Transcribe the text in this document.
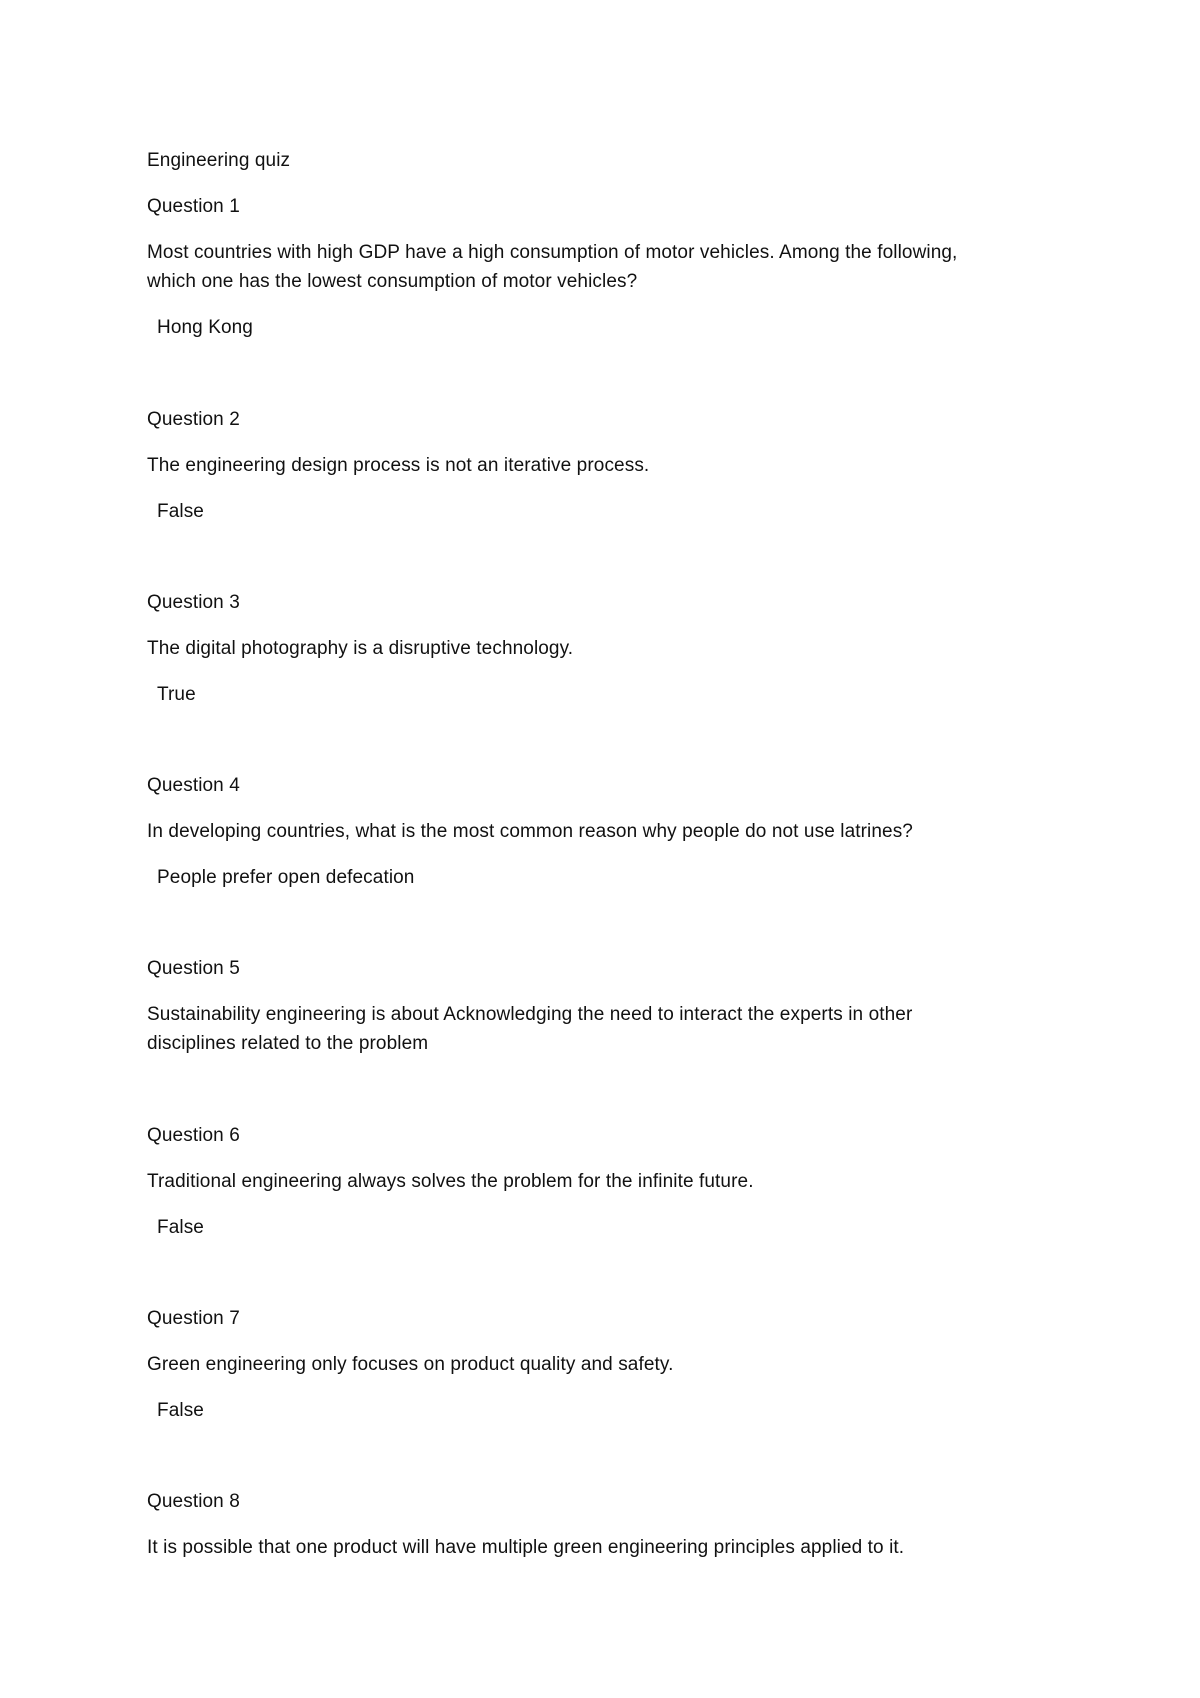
Engineering quiz
Question 1
Most countries with high GDP have a high consumption of motor vehicles. Among the following,
which one has the lowest consumption of motor vehicles?
Hong Kong
Question 2
The engineering design process is not an iterative process.
False
Question 3
The digital photography is a disruptive technology.
True
Question 4
In developing countries, what is the most common reason why people do not use latrines?
People prefer open defecation
Question 5
Sustainability engineering is about Acknowledging the need to interact the experts in other
disciplines related to the problem
Question 6
Traditional engineering always solves the problem for the infinite future.
False
Question 7
Green engineering only focuses on product quality and safety.
False
Question 8
It is possible that one product will have multiple green engineering principles applied to it.
